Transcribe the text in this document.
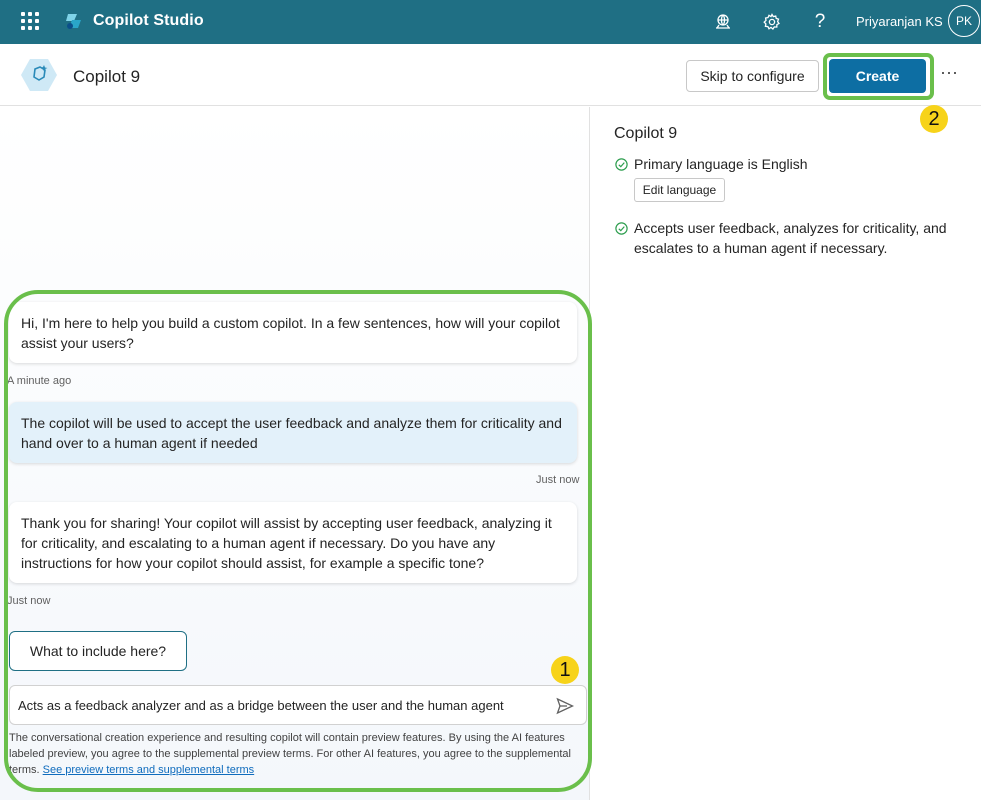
Copilot Studio	? Priyaranjan KS	PK
Copilot 9	Skip to configure	Create	···
2
Hi, I'm here to help you build a custom copilot. In a few sentences, how will your copilot assist your users?
A minute ago
The copilot will be used to accept the user feedback and analyze them for criticality and hand over to a human agent if needed
Just now
Thank you for sharing! Your copilot will assist by accepting user feedback, analyzing it for criticality, and escalating to a human agent if necessary. Do you have any instructions for how your copilot should assist, for example a specific tone?
Just now
What to include here?
1
Acts as a feedback analyzer and as a bridge between the user and the human agent
The conversational creation experience and resulting copilot will contain preview features. By using the AI features labeled preview, you agree to the supplemental preview terms. For other AI features, you agree to the supplemental terms. See preview terms and supplemental terms
Copilot 9
Primary language is English
Edit language
Accepts user feedback, analyzes for criticality, and escalates to a human agent if necessary.
